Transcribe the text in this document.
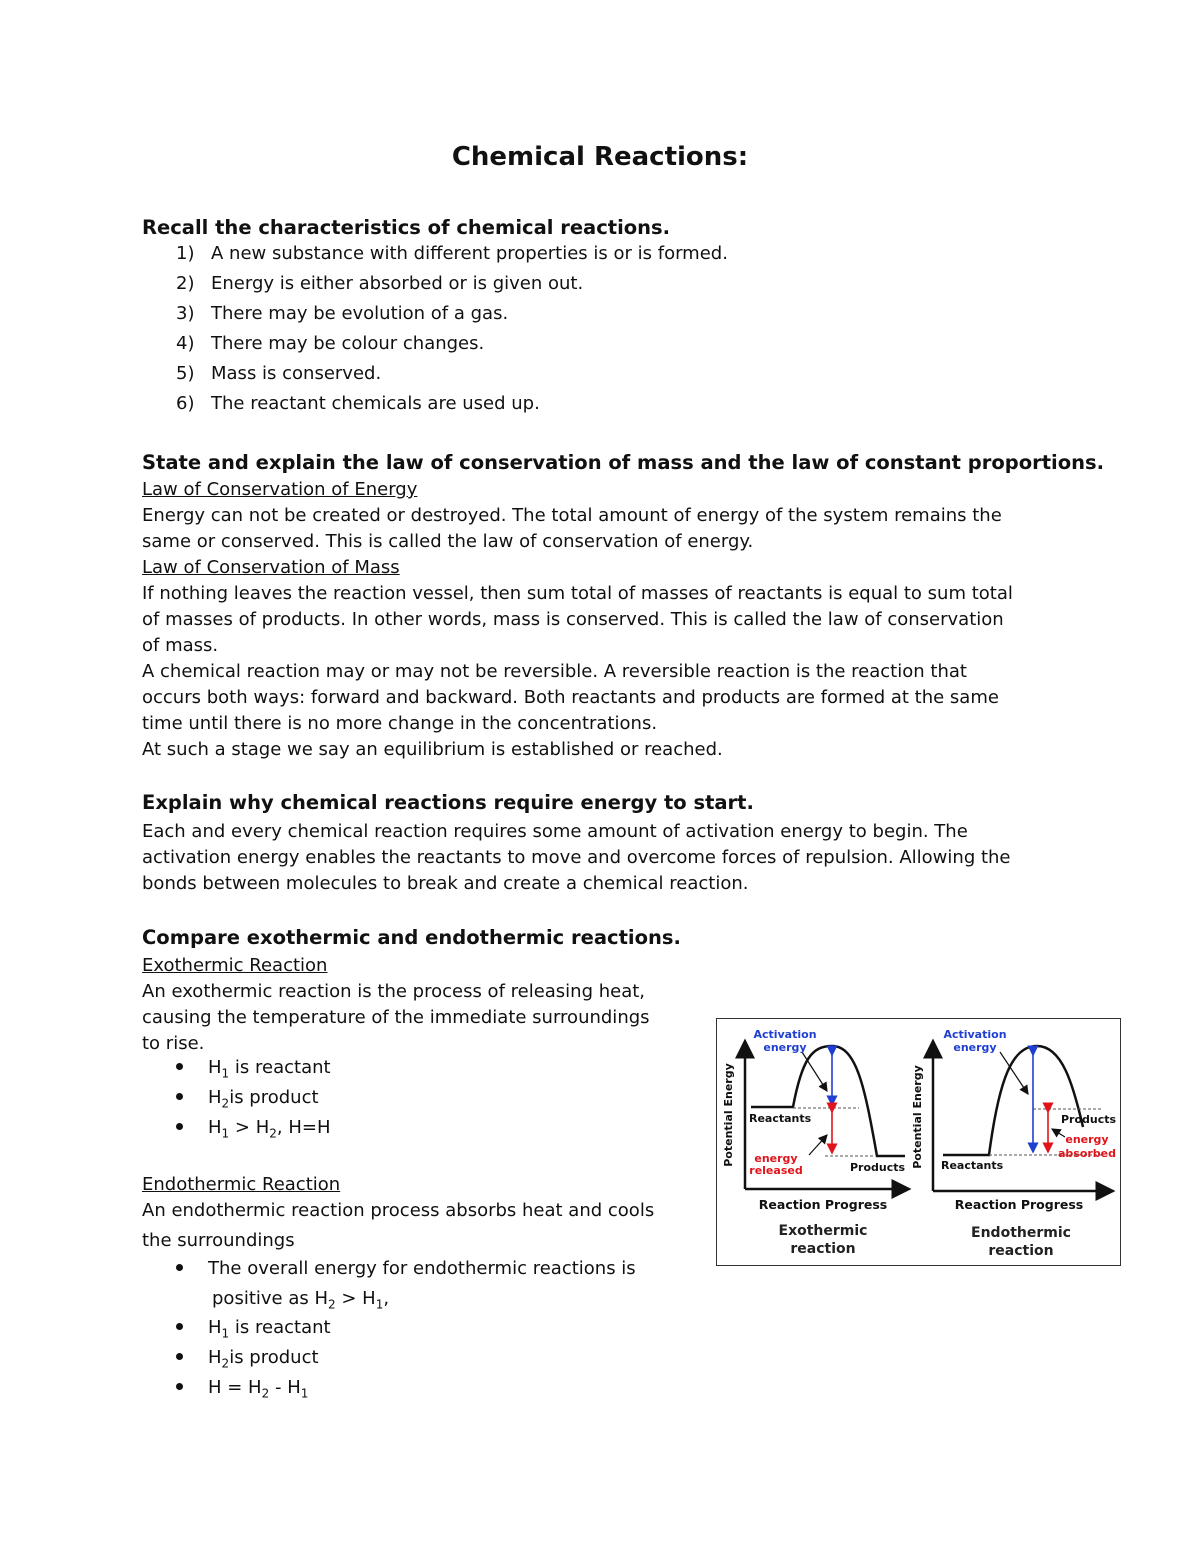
Chemical Reactions:
Recall the characteristics of chemical reactions.
1) A new substance with different properties is or is formed.
2) Energy is either absorbed or is given out.
3) There may be evolution of a gas.
4) There may be colour changes.
5) Mass is conserved.
6) The reactant chemicals are used up.
State and explain the law of conservation of mass and the law of constant proportions.
Law of Conservation of Energy
Energy can not be created or destroyed. The total amount of energy of the system remains the
same or conserved. This is called the law of conservation of energy.
Law of Conservation of Mass
If nothing leaves the reaction vessel, then sum total of masses of reactants is equal to sum total
of masses of products. In other words, mass is conserved. This is called the law of conservation
of mass.
A chemical reaction may or may not be reversible. A reversible reaction is the reaction that
occurs both ways: forward and backward. Both reactants and products are formed at the same
time until there is no more change in the concentrations.
At such a stage we say an equilibrium is established or reached.
Explain why chemical reactions require energy to start.
Each and every chemical reaction requires some amount of activation energy to begin. The
activation energy enables the reactants to move and overcome forces of repulsion. Allowing the
bonds between molecules to break and create a chemical reaction.
Compare exothermic and endothermic reactions.
Exothermic Reaction
An exothermic reaction is the process of releasing heat,
causing the temperature of the immediate surroundings
to rise.
$H_1$ is reactant
$H_2is$ product
$H_1 > H_2$, H=H
Endothermic Reaction
An endothermic reaction process absorbs heat and cools
the surroundings
The overall energy for endothermic reactions is
positive as $H_2 > H_1$,
$H_1$ is reactant
$H_2is$ product
$H = H_2 - H_1$
Activation
energy
Potential Energy Reactants
Products
energy
released
Reaction Progress
Exothermic
reaction
Activation
energy
Potential Energy	Products
Reactants
energy
absorbed
Reaction Progress
Endothermic
reaction
